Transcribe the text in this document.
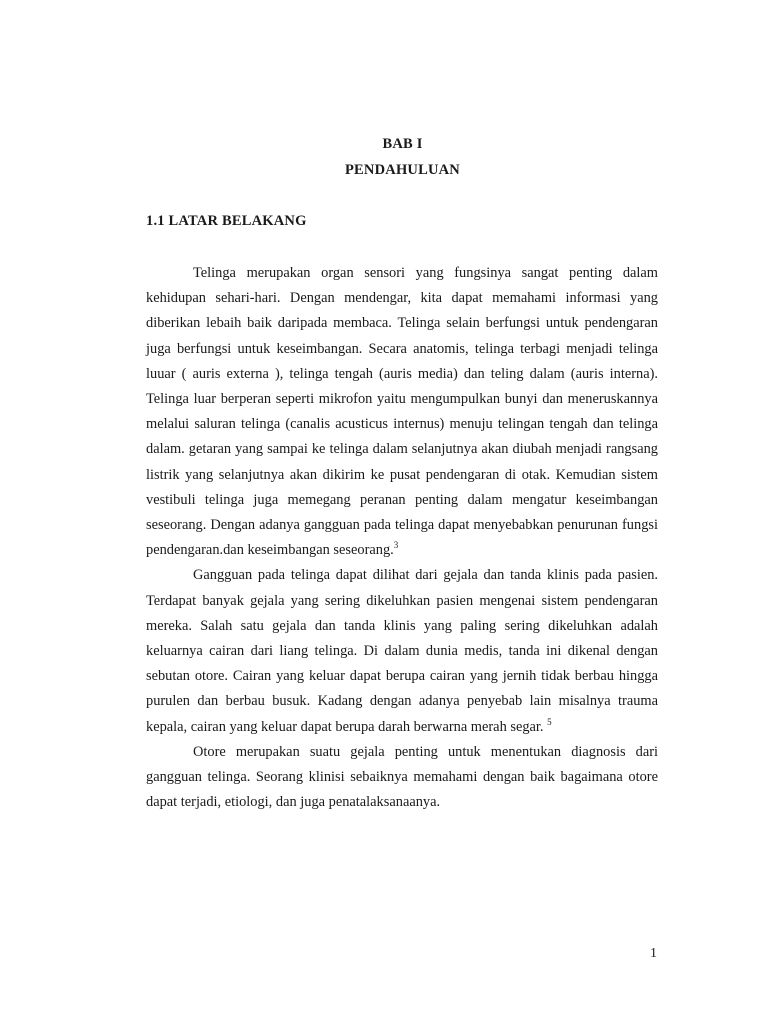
BAB I
PENDAHULUAN
1.1 LATAR BELAKANG

Telinga merupakan organ sensori yang fungsinya sangat penting dalam kehidupan sehari-hari. Dengan mendengar, kita dapat memahami informasi yang diberikan lebaih baik daripada membaca. Telinga selain berfungsi untuk pendengaran juga berfungsi untuk keseimbangan. Secara anatomis, telinga terbagi menjadi telinga luuar ( auris externa ), telinga tengah (auris media) dan teling dalam (auris interna). Telinga luar berperan seperti mikrofon yaitu mengumpulkan bunyi dan meneruskannya melalui saluran telinga (canalis acusticus internus) menuju telingan tengah dan telinga dalam. getaran yang sampai ke telinga dalam selanjutnya akan diubah menjadi rangsang listrik yang selanjutnya akan dikirim ke pusat pendengaran di otak. Kemudian sistem vestibuli telinga juga memegang peranan penting dalam mengatur keseimbangan seseorang. Dengan adanya gangguan pada telinga dapat menyebabkan penurunan fungsi pendengaran.dan keseimbangan seseorang.$^3$

Gangguan pada telinga dapat dilihat dari gejala dan tanda klinis pada pasien. Terdapat banyak gejala yang sering dikeluhkan pasien mengenai sistem pendengaran mereka. Salah satu gejala dan tanda klinis yang paling sering dikeluhkan adalah keluarnya cairan dari liang telinga. Di dalam dunia medis, tanda ini dikenal dengan sebutan otore. Cairan yang keluar dapat berupa cairan yang jernih tidak berbau hingga purulen dan berbau busuk. Kadang dengan adanya penyebab lain misalnya trauma kepala, cairan yang keluar dapat berupa darah berwarna merah segar. $^5$

Otore merupakan suatu gejala penting untuk menentukan diagnosis dari gangguan telinga. Seorang klinisi sebaiknya memahami dengan baik bagaimana otore dapat terjadi, etiologi, dan juga penatalaksanaanya.

1
